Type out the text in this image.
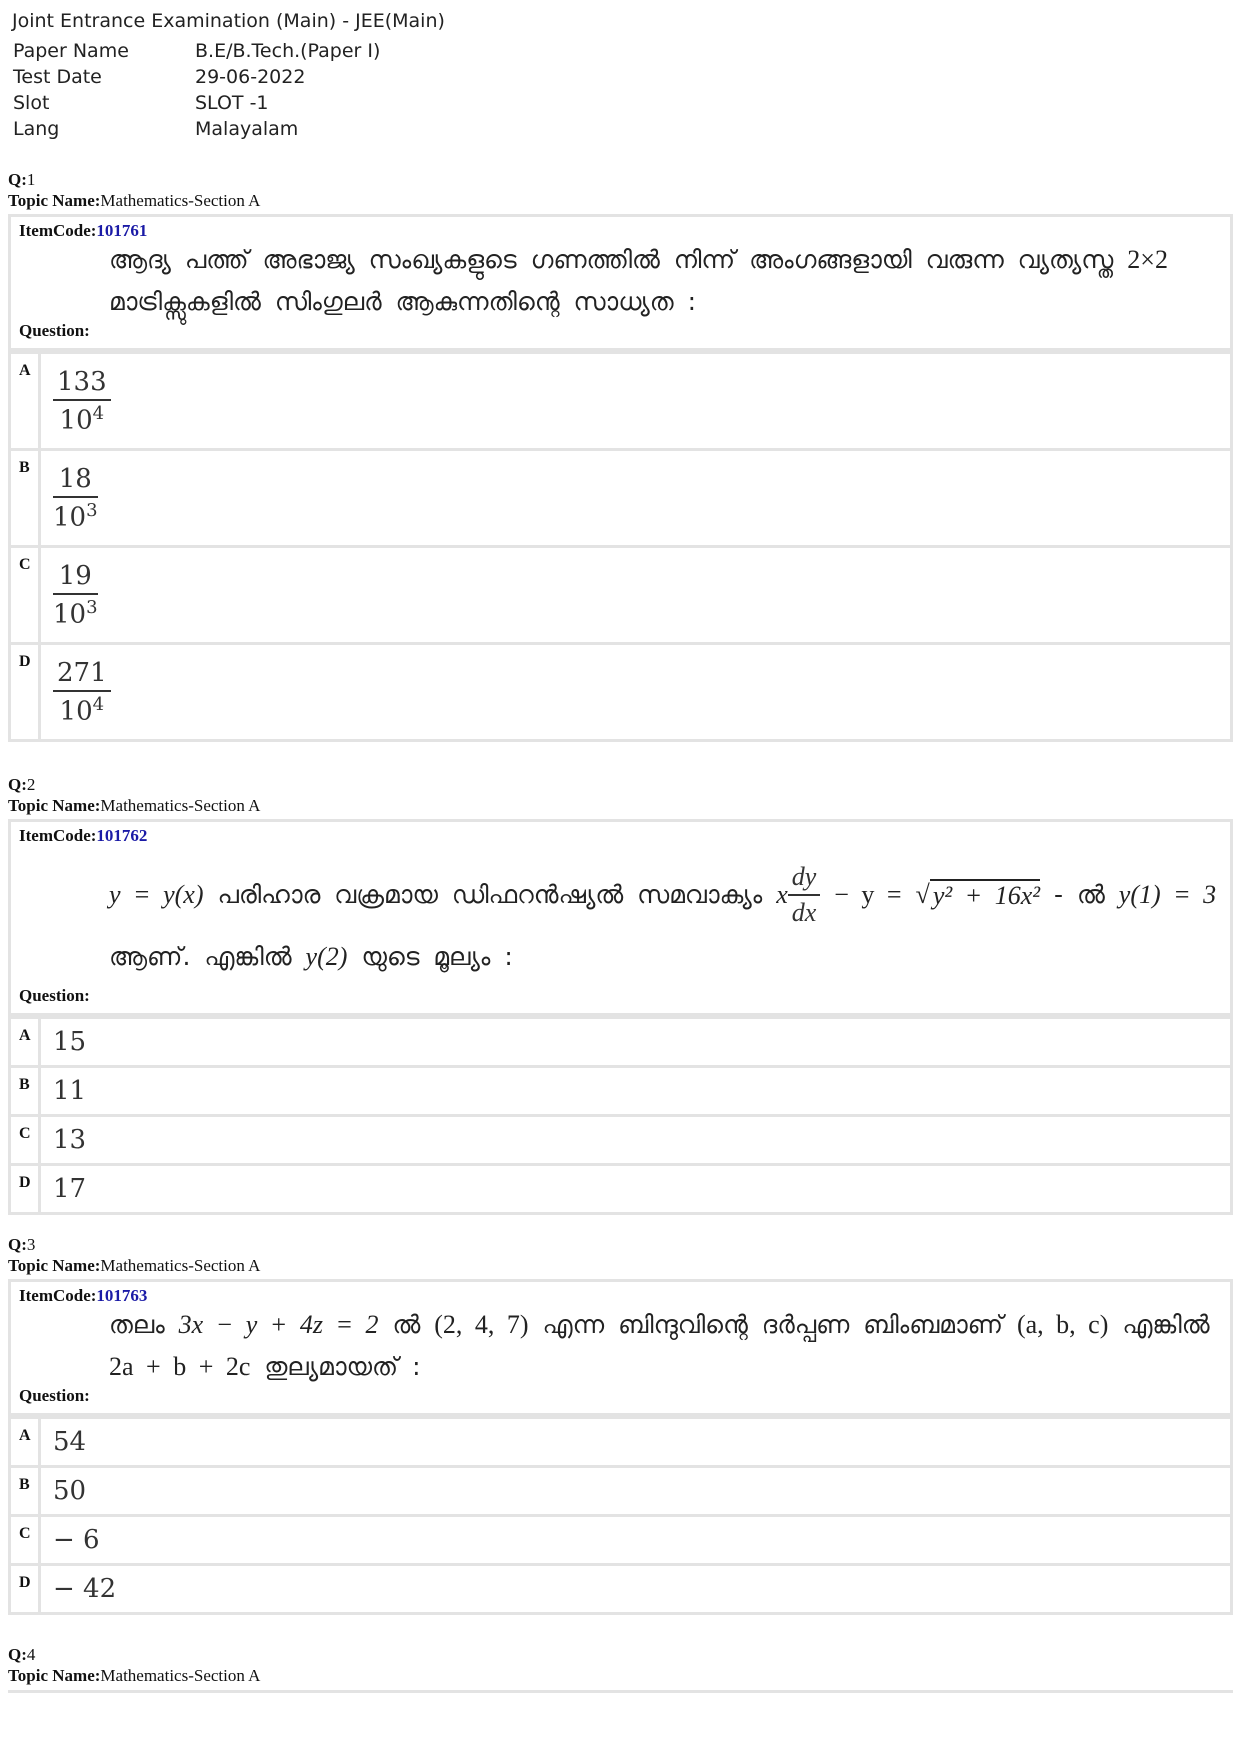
Joint Entrance Examination (Main) - JEE(Main)
Paper Name	B.E/B.Tech.(Paper I)
Test Date	29-06-2022
Slot	SLOT -1
Lang	Malayalam
Q:1
Topic Name:Mathematics-Section A
ItemCode:101761
ആദ്യ പത്ത് അഭാജ്യ സംഖ്യകളുടെ ഗണത്തിൽ നിന്ന് അംഗങ്ങളായി വരുന്ന വ്യത്യസ്ത 2×2
മാട്രിക്സുകളിൽ സിംഗുലർ ആകുന്നതിന്റെ സാധ്യത :
Question:
A $\frac{133}{10^4}$
B $\frac{18}{10^3}$
C $\frac{19}{10^3}$
D $\frac{271}{10^4}$
Q:2
Topic Name:Mathematics-Section A
ItemCode:101762
y = y(x)
പരിഹാര വക്രമായ ഡിഫറൻഷ്യൽ സമവാക്യം
x $\frac{dy}{dx}$
− y =
√ y² + 16x²
- ൽ
y(1) = 3
ആണ്. എങ്കിൽ y(2) യുടെ മൂല്യം :
Question:
A 15
B 11
C 13
D 17
Q:3
Topic Name:Mathematics-Section A
ItemCode:101763
തലം 3x − y + 4z = 2 ൽ (2, 4, 7) എന്ന ബിന്ദുവിന്റെ ദർപ്പണ ബിംബമാണ് (a, b, c) എങ്കിൽ
2a + b + 2c തുല്യമായത് :
Question:
A 54
B 50
C − 6
D − 42
Q:4
Topic Name:Mathematics-Section A
